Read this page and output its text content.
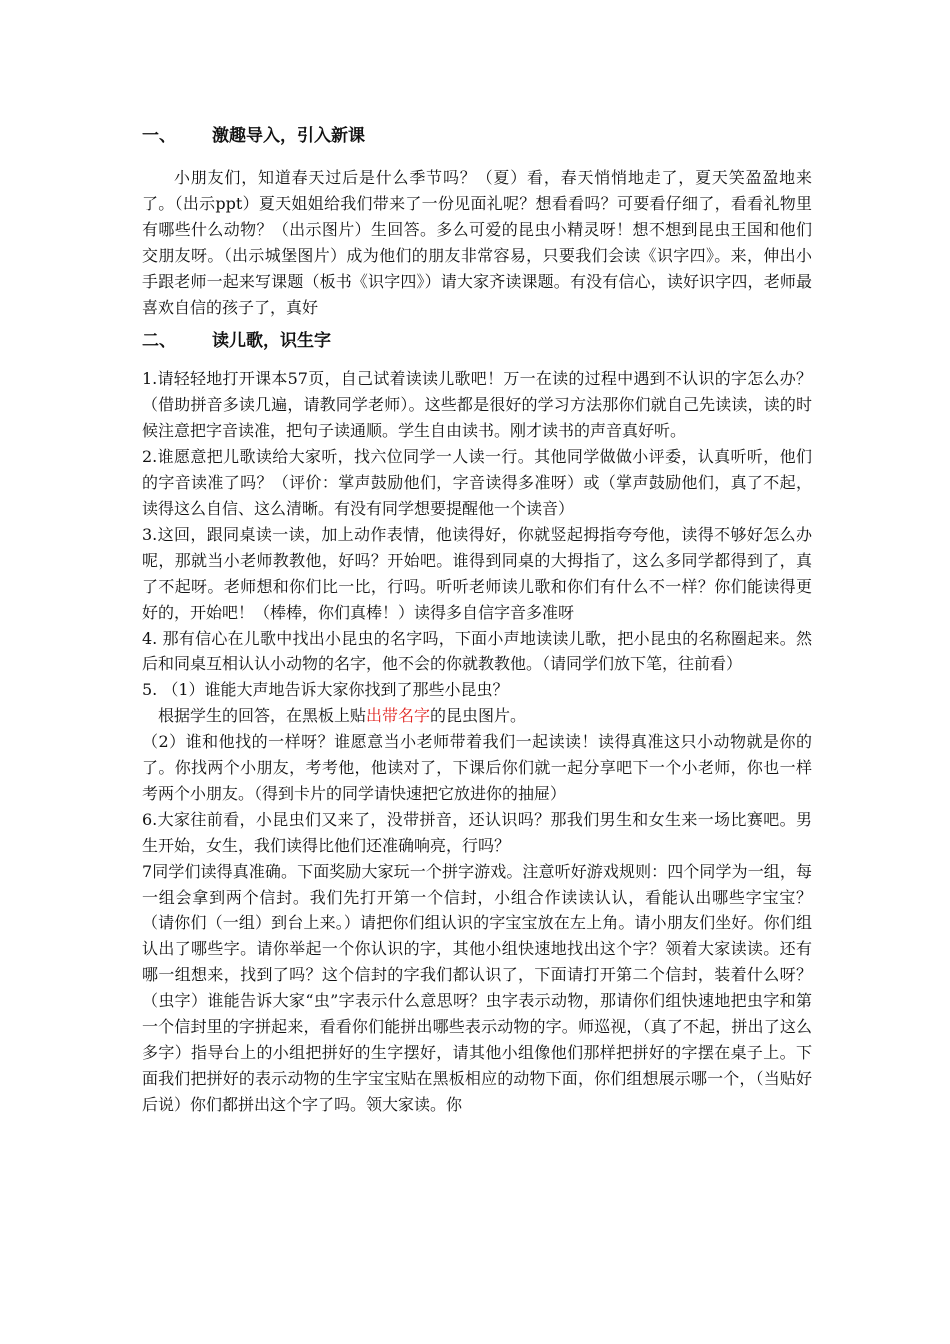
一、	激趣导入，引入新课

小朋友们，知道春天过后是什么季节吗？（夏）看，春天悄悄地走了，夏天笑盈盈地来了。（出示ppt）夏天姐姐给我们带来了一份见面礼呢？想看看吗？可要看仔细了，看看礼物里有哪些什么动物？（出示图片）生回答。多么可爱的昆虫小精灵呀！想不想到昆虫王国和他们交朋友呀。（出示城堡图片）成为他们的朋友非常容易，只要我们会读《识字四》。来，伸出小手跟老师一起来写课题（板书《识字四》）请大家齐读课题。有没有信心，读好识字四，老师最喜欢自信的孩子了，真好

二、	读儿歌，识生字

1.请轻轻地打开课本57页，自己试着读读儿歌吧！万一在读的过程中遇到不认识的字怎么办？（借助拼音多读几遍，请教同学老师）。这些都是很好的学习方法那你们就自己先读读，读的时候注意把字音读准，把句子读通顺。学生自由读书。刚才读书的声音真好听。

2.谁愿意把儿歌读给大家听，找六位同学一人读一行。其他同学做做小评委，认真听听，他们的字音读准了吗？（评价：掌声鼓励他们，字音读得多准呀）或（掌声鼓励他们，真了不起，读得这么自信、这么清晰。有没有同学想要提醒他一个读音）

3.这回，跟同桌读一读，加上动作表情，他读得好，你就竖起拇指夸夸他，读得不够好怎么办呢，那就当小老师教教他，好吗？开始吧。谁得到同桌的大拇指了，这么多同学都得到了，真了不起呀。老师想和你们比一比，行吗。听听老师读儿歌和你们有什么不一样？你们能读得更好的，开始吧！（棒棒，你们真棒！）读得多自信字音多准呀

4. 那有信心在儿歌中找出小昆虫的名字吗，下面小声地读读儿歌，把小昆虫的名称圈起来。然后和同桌互相认认小动物的名字，他不会的你就教教他。（请同学们放下笔，往前看）

5. （1）谁能大声地告诉大家你找到了那些小昆虫？

根据学生的回答，在黑板上贴出带名字的昆虫图片。

（2）谁和他找的一样呀？谁愿意当小老师带着我们一起读读！读得真准这只小动物就是你的了。你找两个小朋友，考考他，他读对了，下课后你们就一起分享吧下一个小老师，你也一样考两个小朋友。（得到卡片的同学请快速把它放进你的抽屉）

6.大家往前看，小昆虫们又来了，没带拼音，还认识吗？那我们男生和女生来一场比赛吧。男生开始，女生，我们读得比他们还准确响亮，行吗？

7同学们读得真准确。下面奖励大家玩一个拼字游戏。注意听好游戏规则：四个同学为一组，每一组会拿到两个信封。我们先打开第一个信封，小组合作读读认认，看能认出哪些字宝宝？（请你们（一组）到台上来。）请把你们组认识的字宝宝放在左上角。请小朋友们坐好。你们组认出了哪些字。请你举起一个你认识的字，其他小组快速地找出这个字？领着大家读读。还有哪一组想来，找到了吗？这个信封的字我们都认识了，下面请打开第二个信封，装着什么呀？（虫字）谁能告诉大家“虫”字表示什么意思呀？虫字表示动物，那请你们组快速地把虫字和第一个信封里的字拼起来，看看你们能拼出哪些表示动物的字。师巡视，（真了不起，拼出了这么多字）指导台上的小组把拼好的生字摆好，请其他小组像他们那样把拼好的字摆在桌子上。下面我们把拼好的表示动物的生字宝宝贴在黑板相应的动物下面，你们组想展示哪一个，（当贴好后说）你们都拼出这个字了吗。领大家读。你
